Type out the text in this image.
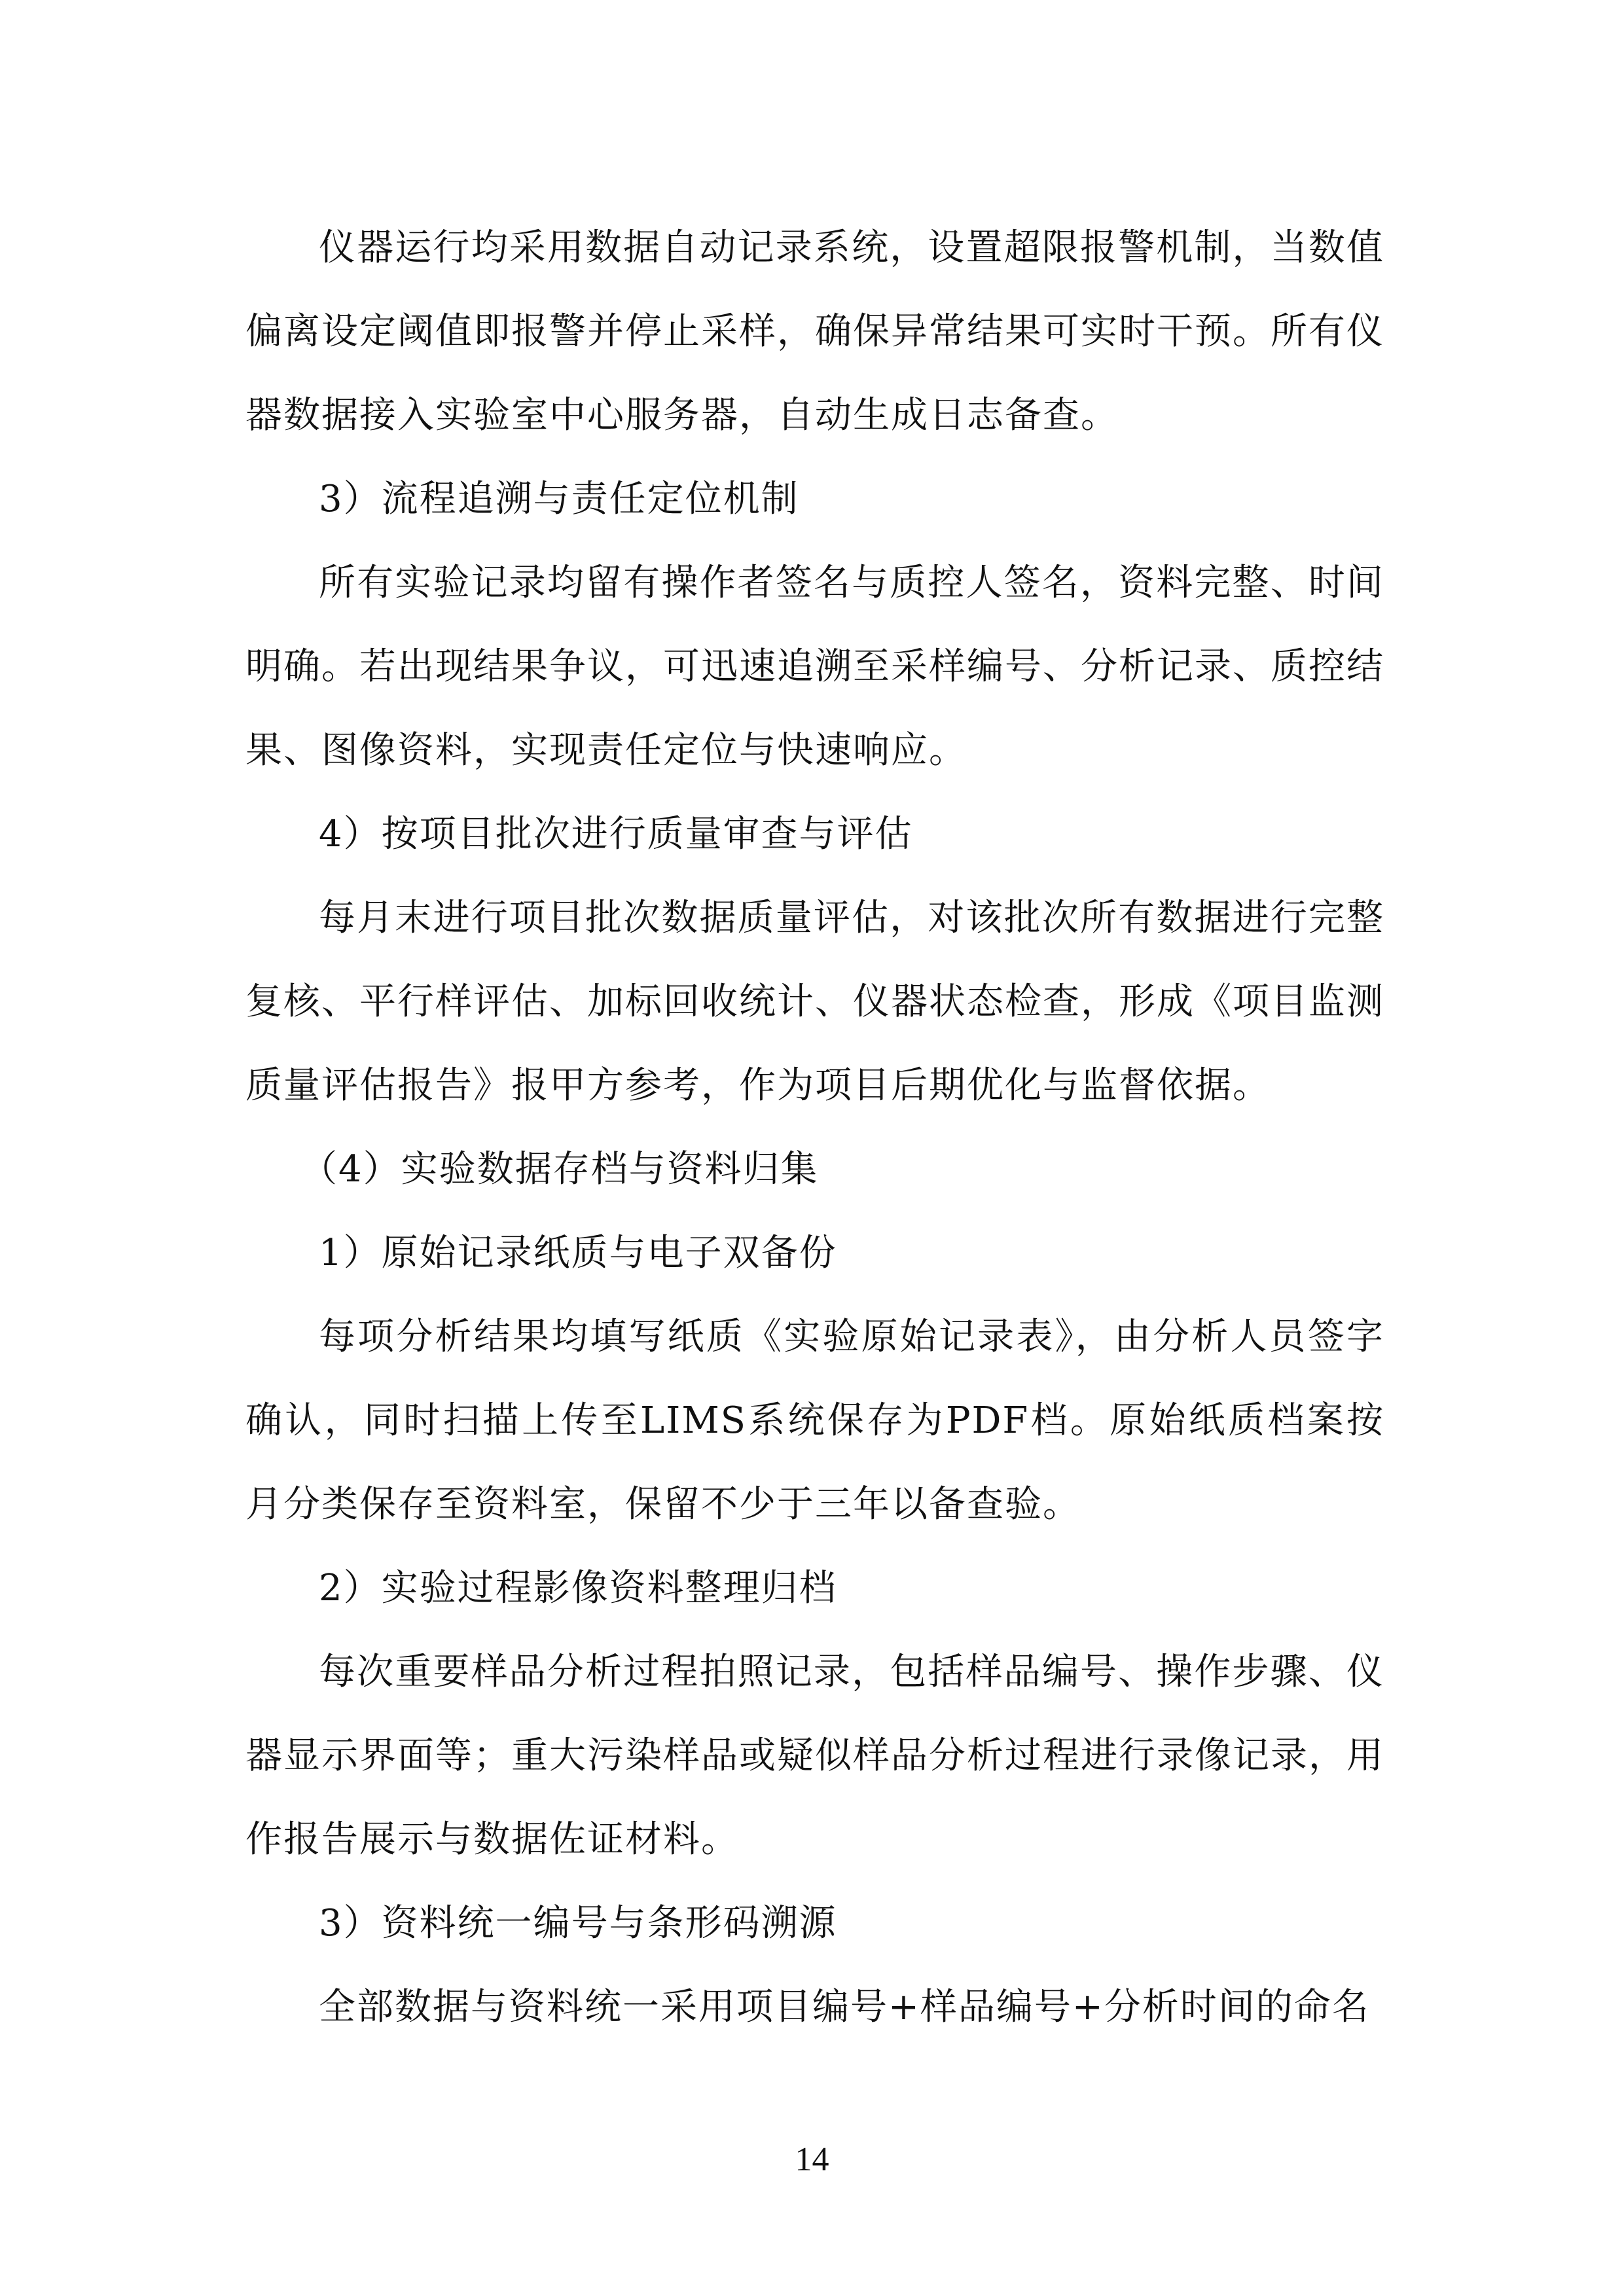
仪器运行均采用数据自动记录系统，设置超限报警机制，当数值偏离设定阈值即报警并停止采样，确保异常结果可实时干预。所有仪器数据接入实验室中心服务器，自动生成日志备查。

3）流程追溯与责任定位机制

所有实验记录均留有操作者签名与质控人签名，资料完整、时间明确。若出现结果争议，可迅速追溯至采样编号、分析记录、质控结果、图像资料，实现责任定位与快速响应。

4）按项目批次进行质量审查与评估

每月末进行项目批次数据质量评估，对该批次所有数据进行完整复核、平行样评估、加标回收统计、仪器状态检查，形成《项目监测质量评估报告》报甲方参考，作为项目后期优化与监督依据。

（4）实验数据存档与资料归集

1）原始记录纸质与电子双备份

每项分析结果均填写纸质《实验原始记录表》，由分析人员签字确认，同时扫描上传至LIMS系统保存为PDF档。原始纸质档案按月分类保存至资料室，保留不少于三年以备查验。

2）实验过程影像资料整理归档

每次重要样品分析过程拍照记录，包括样品编号、操作步骤、仪器显示界面等；重大污染样品或疑似样品分析过程进行录像记录，用作报告展示与数据佐证材料。

3）资料统一编号与条形码溯源

全部数据与资料统一采用项目编号+样品编号+分析时间的命名

14
